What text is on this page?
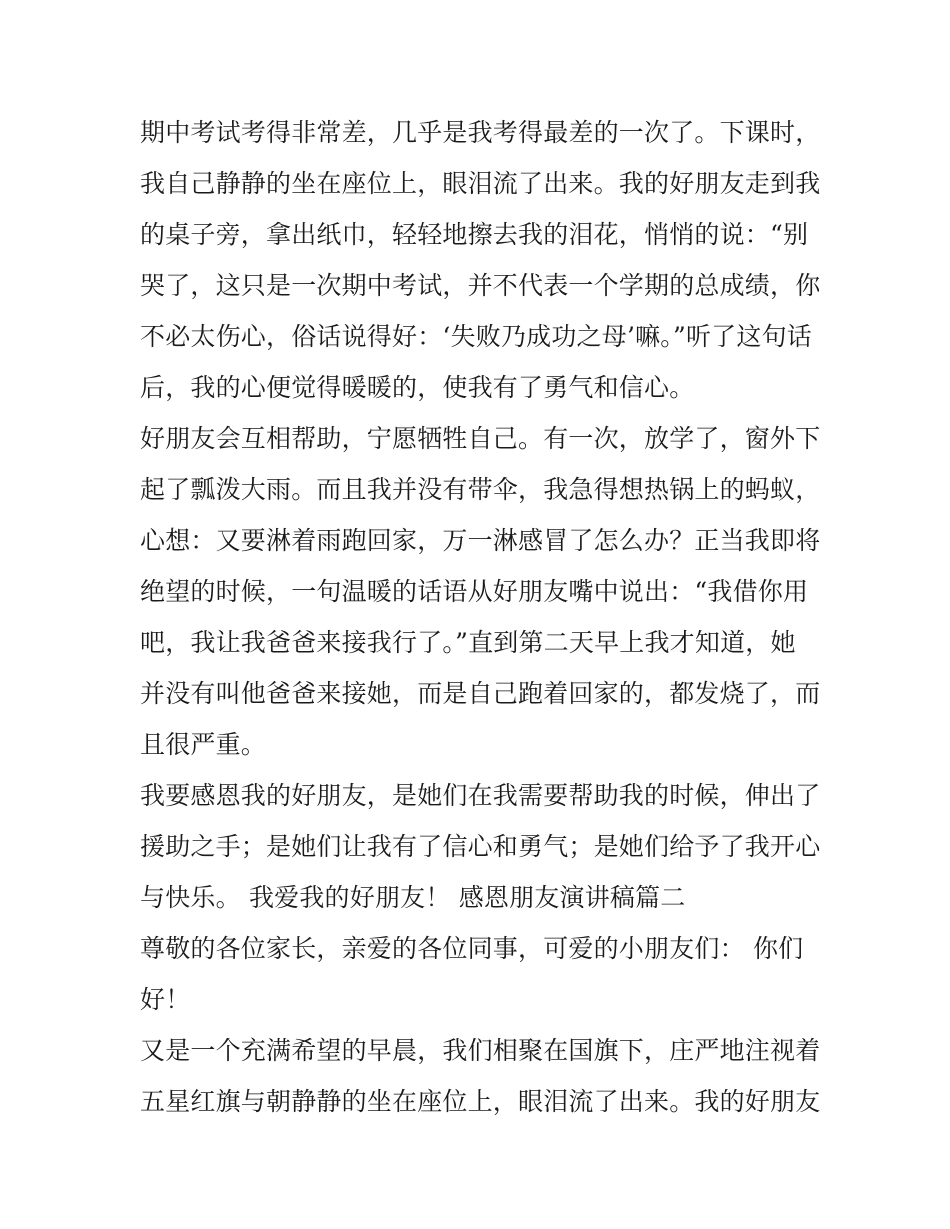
期中考试考得非常差，几乎是我考得最差的一次了。下课时，
我自己静静的坐在座位上，眼泪流了出来。我的好朋友走到我
的桌子旁，拿出纸巾，轻轻地擦去我的泪花，悄悄的说：“别
哭了，这只是一次期中考试，并不代表一个学期的总成绩，你
不必太伤心，俗话说得好：‘失败乃成功之母’嘛。”听了这句话
后，我的心便觉得暖暖的，使我有了勇气和信心。
好朋友会互相帮助，宁愿牺牲自己。有一次，放学了，窗外下
起了瓢泼大雨。而且我并没有带伞，我急得想热锅上的蚂蚁，
心想：又要淋着雨跑回家，万一淋感冒了怎么办？正当我即将
绝望的时候，一句温暖的话语从好朋友嘴中说出：“我借你用
吧，我让我爸爸来接我行了。”直到第二天早上我才知道，她
并没有叫他爸爸来接她，而是自己跑着回家的，都发烧了，而
且很严重。
我要感恩我的好朋友，是她们在我需要帮助我的时候，伸出了
援助之手；是她们让我有了信心和勇气；是她们给予了我开心
与快乐。 我爱我的好朋友！ 感恩朋友演讲稿篇二
尊敬的各位家长，亲爱的各位同事，可爱的小朋友们： 你们
好！
又是一个充满希望的早晨，我们相聚在国旗下，庄严地注视着
五星红旗与朝静静的坐在座位上，眼泪流了出来。我的好朋友
